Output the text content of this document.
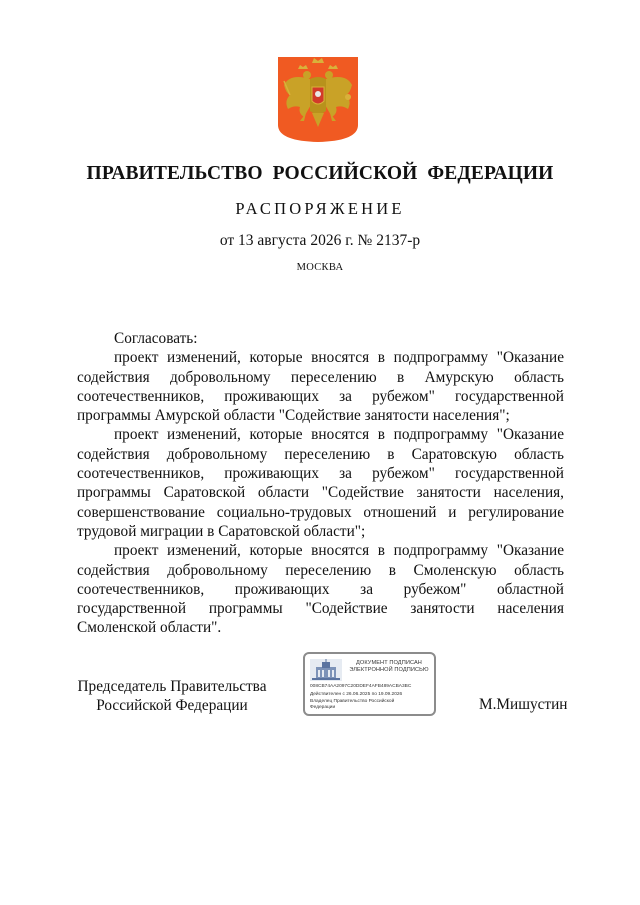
ПРАВИТЕЛЬСТВО РОССИЙСКОЙ ФЕДЕРАЦИИ
РАСПОРЯЖЕНИЕ
от 13 августа 2026 г. № 2137-р
МОСКВА

Согласовать:

проект изменений, которые вносятся в подпрограмму "Оказание содействия добровольному переселению в Амурскую область соотечественников, проживающих за рубежом" государственной программы Амурской области "Содействие занятости населения";

проект изменений, которые вносятся в подпрограмму "Оказание содействия добровольному переселению в Саратовскую область соотечественников, проживающих за рубежом" государственной программы Саратовской области "Содействие занятости населения, совершенствование социально-трудовых отношений и регулирование трудовой миграции в Саратовской области";

проект изменений, которые вносятся в подпрограмму "Оказание содействия добровольному переселению в Смоленскую область соотечественников, проживающих за рубежом" областной государственной программы "Содействие занятости населения Смоленской области".

Председатель Правительства
Российской Федерации
ДОКУМЕНТ ПОДПИСАН
ЭЛЕКТРОННОЙ ПОДПИСЬЮ
008CB74AA2097C20DDEF4AFB489ACBA3BC
Действителен с 26.06.2025 по 19.09.2026
Владелец Правительство Российской
Федерации	М.Мишустин
